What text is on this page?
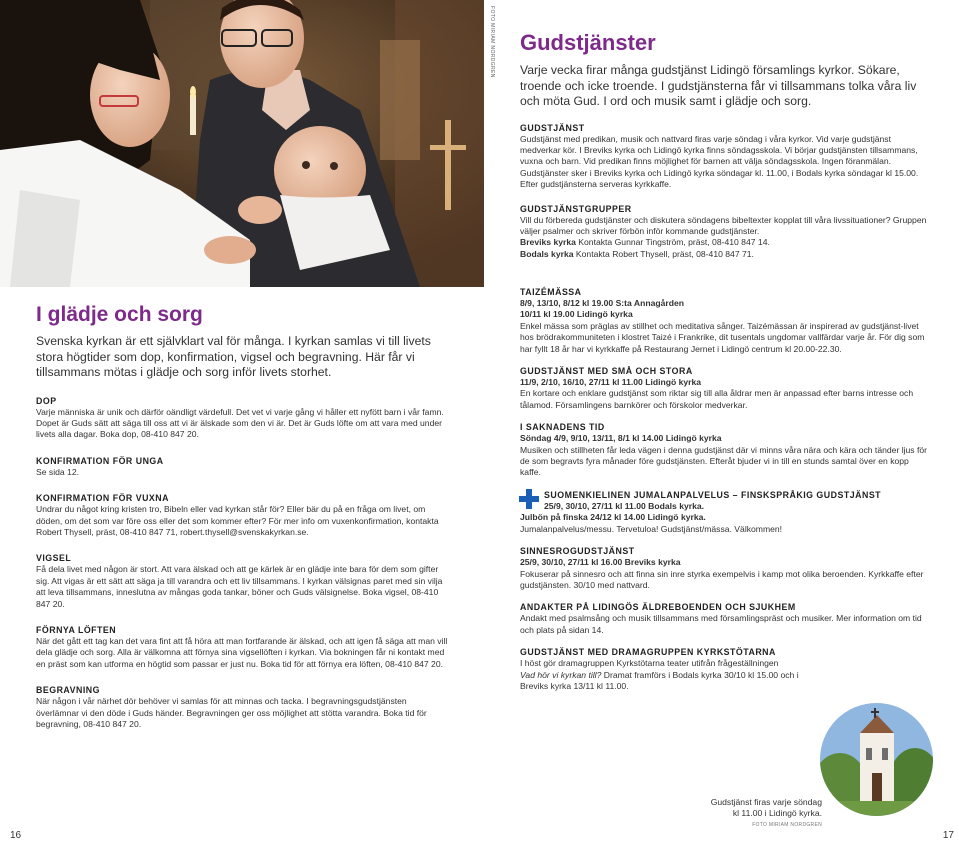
FOTO MIRIAM NORDGREN
I glädje och sorg
Svenska kyrkan är ett självklart val för många. I kyrkan samlas vi till livets stora högtider som dop, konfirmation, vigsel och begravning. Här får vi tillsammans mötas i glädje och sorg inför livets storhet.
DOP
Varje människa är unik och därför oändligt värdefull. Det vet vi varje gång vi håller ett nyfött barn i vår famn. Dopet är Guds sätt att säga till oss att vi är älskade som den vi är. Det är Guds löfte om att vara med under livets alla dagar. Boka dop, 08-410 847 20.
KONFIRMATION FÖR UNGA
Se sida 12.
KONFIRMATION FÖR VUXNA
Undrar du något kring kristen tro, Bibeln eller vad kyrkan står för? Eller bär du på en fråga om livet, om döden, om det som var före oss eller det som kommer efter? För mer info om vuxenkonfirmation, kontakta Robert Thysell, präst, 08-410 847 71, robert.thysell@svenskakyrkan.se.
VIGSEL
Få dela livet med någon är stort. Att vara älskad och att ge kärlek är en glädje inte bara för dem som gifter sig. Att vigas är ett sätt att säga ja till varandra och ett liv tillsammans. I kyrkan välsignas paret med sin vilja att leva tillsammans, inneslutna av mångas goda tankar, böner och Guds välsignelse. Boka vigsel, 08-410 847 20.
FÖRNYA LÖFTEN
När det gått ett tag kan det vara fint att få höra att man fortfarande är älskad, och att igen få säga att man vill dela glädje och sorg. Alla är välkomna att förnya sina vigsellöften i kyrkan. Via bokningen får ni kontakt med en präst som kan utforma en högtid som passar er just nu. Boka tid för att förnya era löften, 08-410 847 20.
BEGRAVNING
När någon i vår närhet dör behöver vi samlas för att minnas och tacka. I begravningsgudstjänsten överlämnar vi den döde i Guds händer. Begravningen ger oss möjlighet att stötta varandra. Boka tid för begravning, 08-410 847 20.
Gudstjänster
Varje vecka firar många gudstjänst Lidingö församlings kyrkor. Sökare, troende och icke troende. I gudstjänsterna får vi tillsammans tolka våra liv och möta Gud. I ord och musik samt i glädje och sorg.
GUDSTJÄNST
Gudstjänst med predikan, musik och nattvard firas varje söndag i våra kyrkor. Vid varje gudstjänst medverkar kör. I Breviks kyrka och Lidingö kyrka finns söndagsskola. Vi börjar gudstjänsten tillsammans, vuxna och barn. Vid predikan finns möjlighet för barnen att välja söndagsskola. Ingen föranmälan. Gudstjänster sker i Breviks kyrka och Lidingö kyrka söndagar kl. 11.00, i Bodals kyrka söndagar kl 15.00. Efter gudstjänsterna serveras kyrkkaffe.
GUDSTJÄNSTGRUPPER
Vill du förbereda gudstjänster och diskutera söndagens bibeltexter kopplat till våra livssituationer? Gruppen väljer psalmer och skriver förbön inför kommande gudstjänster.
Breviks kyrka Kontakta Gunnar Tingström, präst, 08-410 847 14.
Bodals kyrka Kontakta Robert Thysell, präst, 08-410 847 71.
TAIZÉMÄSSA
8/9, 13/10, 8/12 kl 19.00 S:ta Annagården
10/11 kl 19.00 Lidingö kyrka
Enkel mässa som präglas av stillhet och meditativa sånger. Taizémässan är inspirerad av gudstjänst-livet hos brödrakommuniteten i klostret Taizé i Frankrike, dit tusentals ungdomar vallfärdar varje år. För dig som har fyllt 18 år har vi kyrkkaffe på Restaurang Jernet i Lidingö centrum kl 20.00-22.30.
GUDSTJÄNST MED SMÅ OCH STORA
11/9, 2/10, 16/10, 27/11 kl 11.00 Lidingö kyrka
En kortare och enklare gudstjänst som riktar sig till alla åldrar men är anpassad efter barns intresse och tålamod. Församlingens barnkörer och förskolor medverkar.
I SAKNADENS TID
Söndag 4/9, 9/10, 13/11, 8/1 kl 14.00 Lidingö kyrka
Musiken och stillheten får leda vägen i denna gudstjänst där vi minns våra nära och kära och tänder ljus för de som begravts fyra månader före gudstjänsten. Efteråt bjuder vi in till en stunds samtal över en kopp kaffe.
SUOMENKIELINEN JUMALANPALVELUS – FINSKSPRÅKIG GUDSTJÄNST
25/9, 30/10, 27/11 kl 11.00 Bodals kyrka.
Julbön på finska 24/12 kl 14.00 Lidingö kyrka.
Jumalanpalvelus/messu. Tervetuloa! Gudstjänst/mässa. Välkommen!
SINNESROGUDSTJÄNST
25/9, 30/10, 27/11 kl 16.00 Breviks kyrka
Fokuserar på sinnesro och att finna sin inre styrka exempelvis i kamp mot olika beroenden. Kyrkkaffe efter gudstjänsten. 30/10 med nattvard.
ANDAKTER PÅ LIDINGÖS ÄLDREBOENDEN OCH SJUKHEM
Andakt med psalmsång och musik tillsammans med församlingspräst och musiker. Mer information om tid och plats på sidan 14.
GUDSTJÄNST MED DRAMAGRUPPEN KYRKSTÖTARNA
I höst gör dramagruppen Kyrkstötarna teater utifrån frågeställningen
Vad hör vi kyrkan till? Dramat framförs i Bodals kyrka 30/10 kl 15.00 och i Breviks kyrka 13/11 kl 11.00.
Gudstjänst firas varje söndag
kl 11.00 i Lidingö kyrka.
FOTO MIRIAM NORDGREN
16	17
